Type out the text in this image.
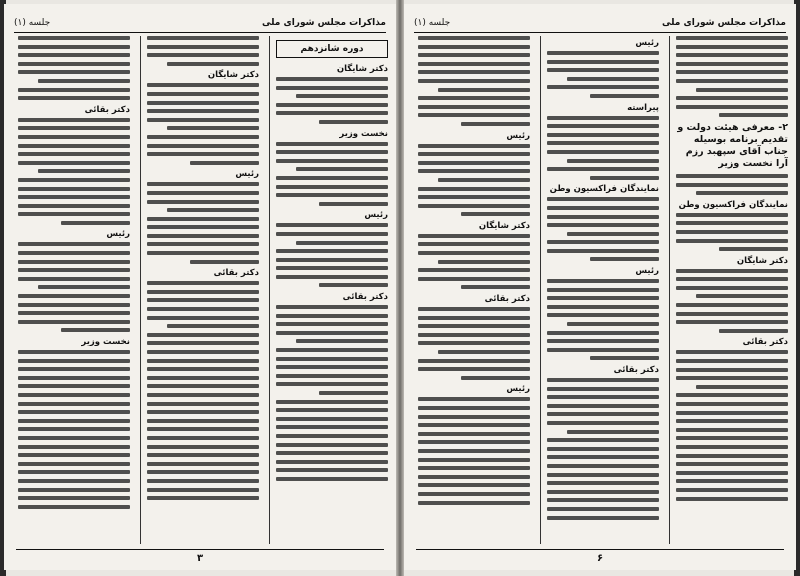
مذاکرات مجلس شورای ملی
جلسه (۱)
دوره شانزدهم
دکتر شایگان
نخست وزیر
رئیس
دکتر بقائی
دکتر شایگان
رئیس
دکتر بقائی
دکتر بقائی
رئیس
نخست وزیر
۳
مذاکرات مجلس شورای ملی
جلسه (۱)
۲- معرفی هیئت دولت و تقدیم برنامه بوسیله جناب آقای سپهبد رزم آرا نخست وزیر
نمایندگان فراکسیون وطن
دکتر شایگان
دکتر بقائی
رئیس
پیراسته
نمایندگان فراکسیون وطن
رئیس
دکتر بقائی
رئیس
دکتر شایگان
دکتر بقائی
رئیس
۶
